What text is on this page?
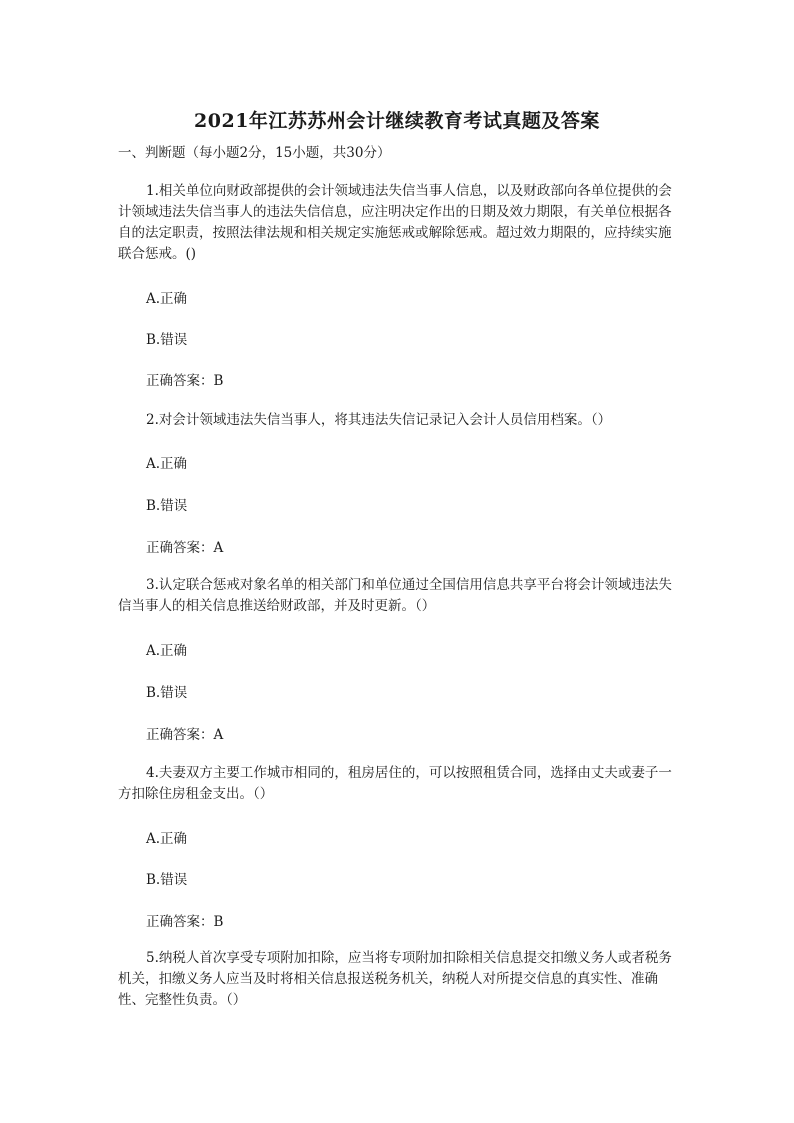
2021年江苏苏州会计继续教育考试真题及答案
一、判断题（每小题2分，15小题，共30分）
1.相关单位向财政部提供的会计领域违法失信当事人信息，以及财政部向各单位提供的会计领域违法失信当事人的违法失信信息，应注明决定作出的日期及效力期限，有关单位根据各自的法定职责，按照法律法规和相关规定实施惩戒或解除惩戒。超过效力期限的，应持续实施联合惩戒。()
A.正确
B.错误
正确答案：B
2.对会计领域违法失信当事人，将其违法失信记录记入会计人员信用档案。（）
A.正确
B.错误
正确答案：A
3.认定联合惩戒对象名单的相关部门和单位通过全国信用信息共享平台将会计领域违法失信当事人的相关信息推送给财政部，并及时更新。（）
A.正确
B.错误
正确答案：A
4.夫妻双方主要工作城市相同的，租房居住的，可以按照租赁合同，选择由丈夫或妻子一方扣除住房租金支出。（）
A.正确
B.错误
正确答案：B
5.纳税人首次享受专项附加扣除，应当将专项附加扣除相关信息提交扣缴义务人或者税务机关，扣缴义务人应当及时将相关信息报送税务机关，纳税人对所提交信息的真实性、准确性、完整性负责。（）
